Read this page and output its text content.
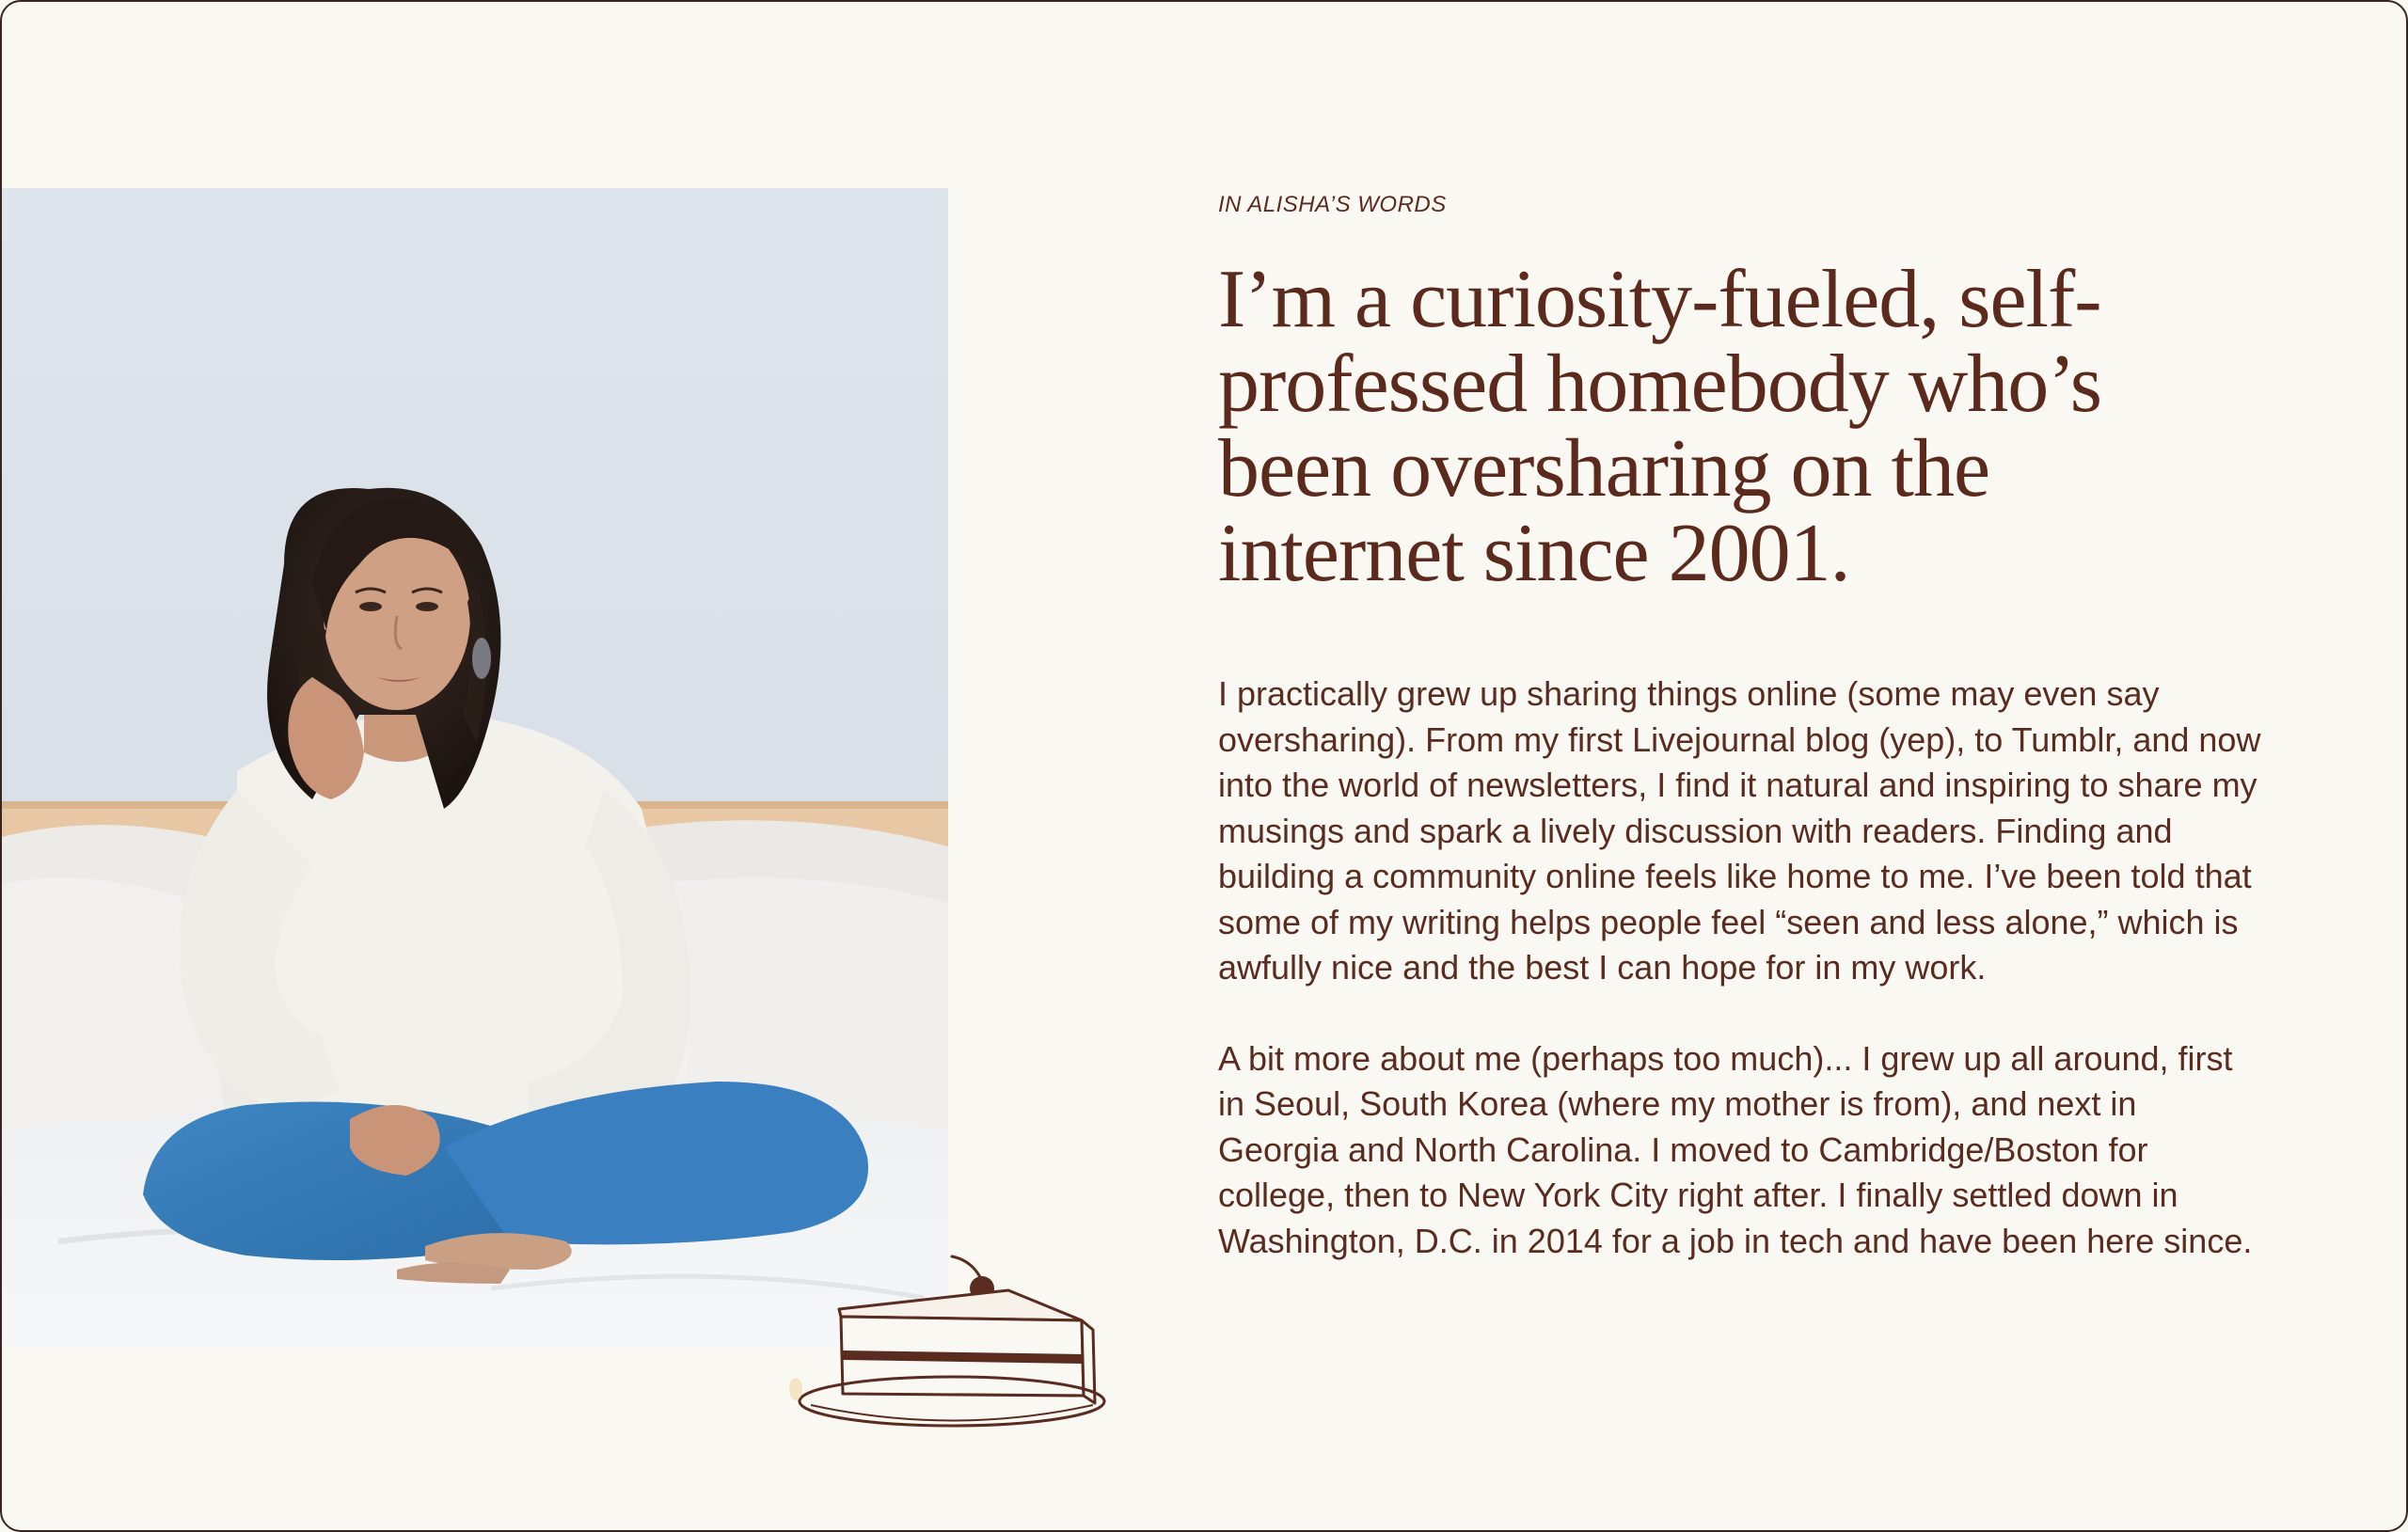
IN ALISHA’S WORDS

I’m a curiosity-fueled, self-professed homebody who’s been oversharing on the internet since 2001.

I practically grew up sharing things online (some may even say oversharing). From my first Livejournal blog (yep), to Tumblr, and now into the world of newsletters, I find it natural and inspiring to share my musings and spark a lively discussion with readers. Finding and building a community online feels like home to me. I’ve been told that some of my writing helps people feel “seen and less alone,” which is awfully nice and the best I can hope for in my work.

A bit more about me (perhaps too much)... I grew up all around, first in Seoul, South Korea (where my mother is from), and next in Georgia and North Carolina. I moved to Cambridge/Boston for college, then to New York City right after. I finally settled down in Washington, D.C. in 2014 for a job in tech and have been here since.
